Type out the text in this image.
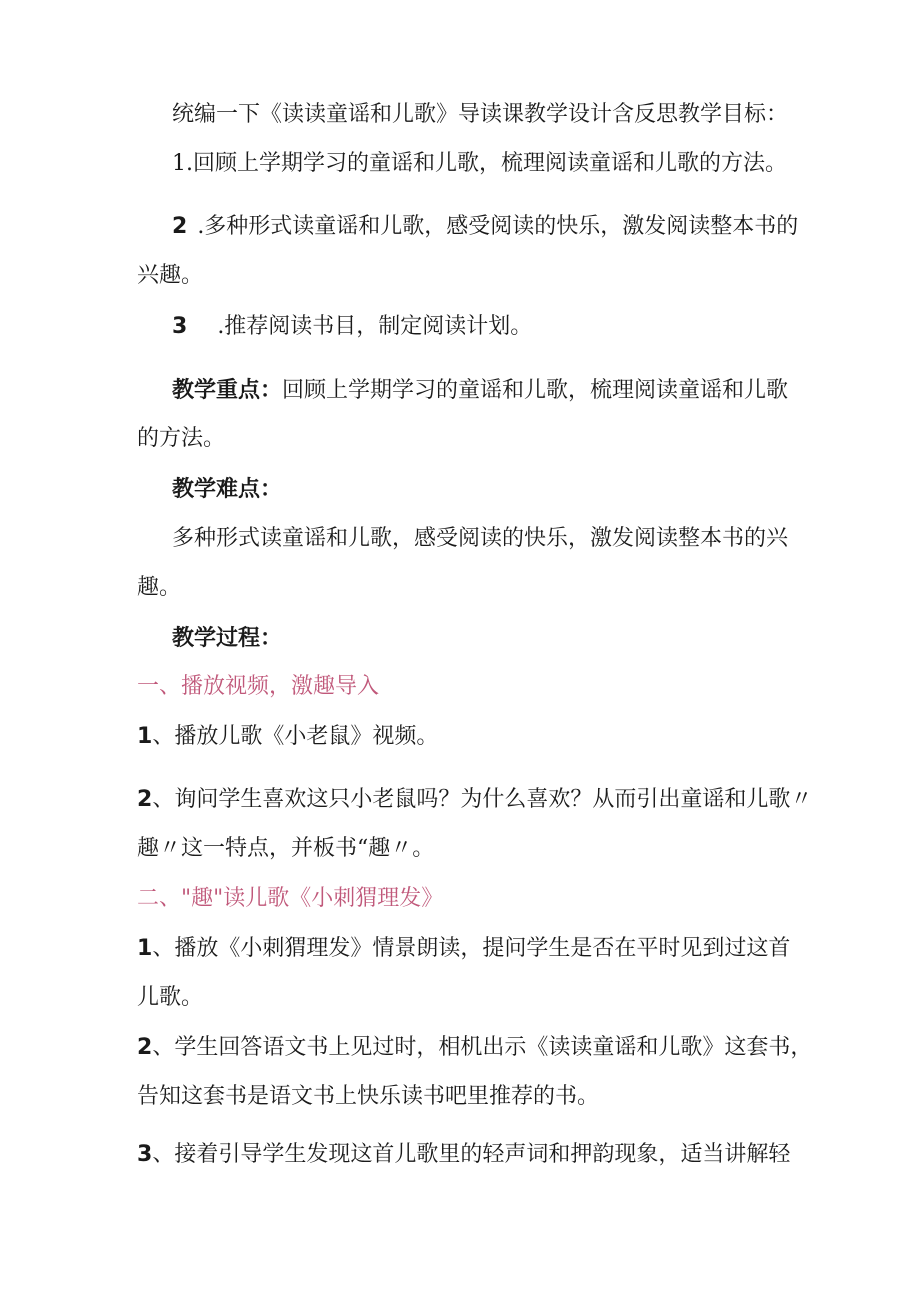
统编一下《读读童谣和儿歌》导读课教学设计含反思教学目标：
1.回顾上学期学习的童谣和儿歌，梳理阅读童谣和儿歌的方法。
2 .多种形式读童谣和儿歌，感受阅读的快乐，激发阅读整本书的
兴趣。
3 .推荐阅读书目，制定阅读计划。
教学重点：回顾上学期学习的童谣和儿歌，梳理阅读童谣和儿歌
的方法。
教学难点：
多种形式读童谣和儿歌，感受阅读的快乐，激发阅读整本书的兴
趣。
教学过程：
一、播放视频，激趣导入
1、播放儿歌《小老鼠》视频。
2、询问学生喜欢这只小老鼠吗？为什么喜欢？从而引出童谣和儿歌〃
趣〃这一特点，并板书“趣〃。
二、"趣"读儿歌《小刺猬理发》
1、播放《小刺猬理发》情景朗读，提问学生是否在平时见到过这首
儿歌。
2、学生回答语文书上见过时，相机出示《读读童谣和儿歌》这套书，
告知这套书是语文书上快乐读书吧里推荐的书。
3、接着引导学生发现这首儿歌里的轻声词和押韵现象，适当讲解轻
